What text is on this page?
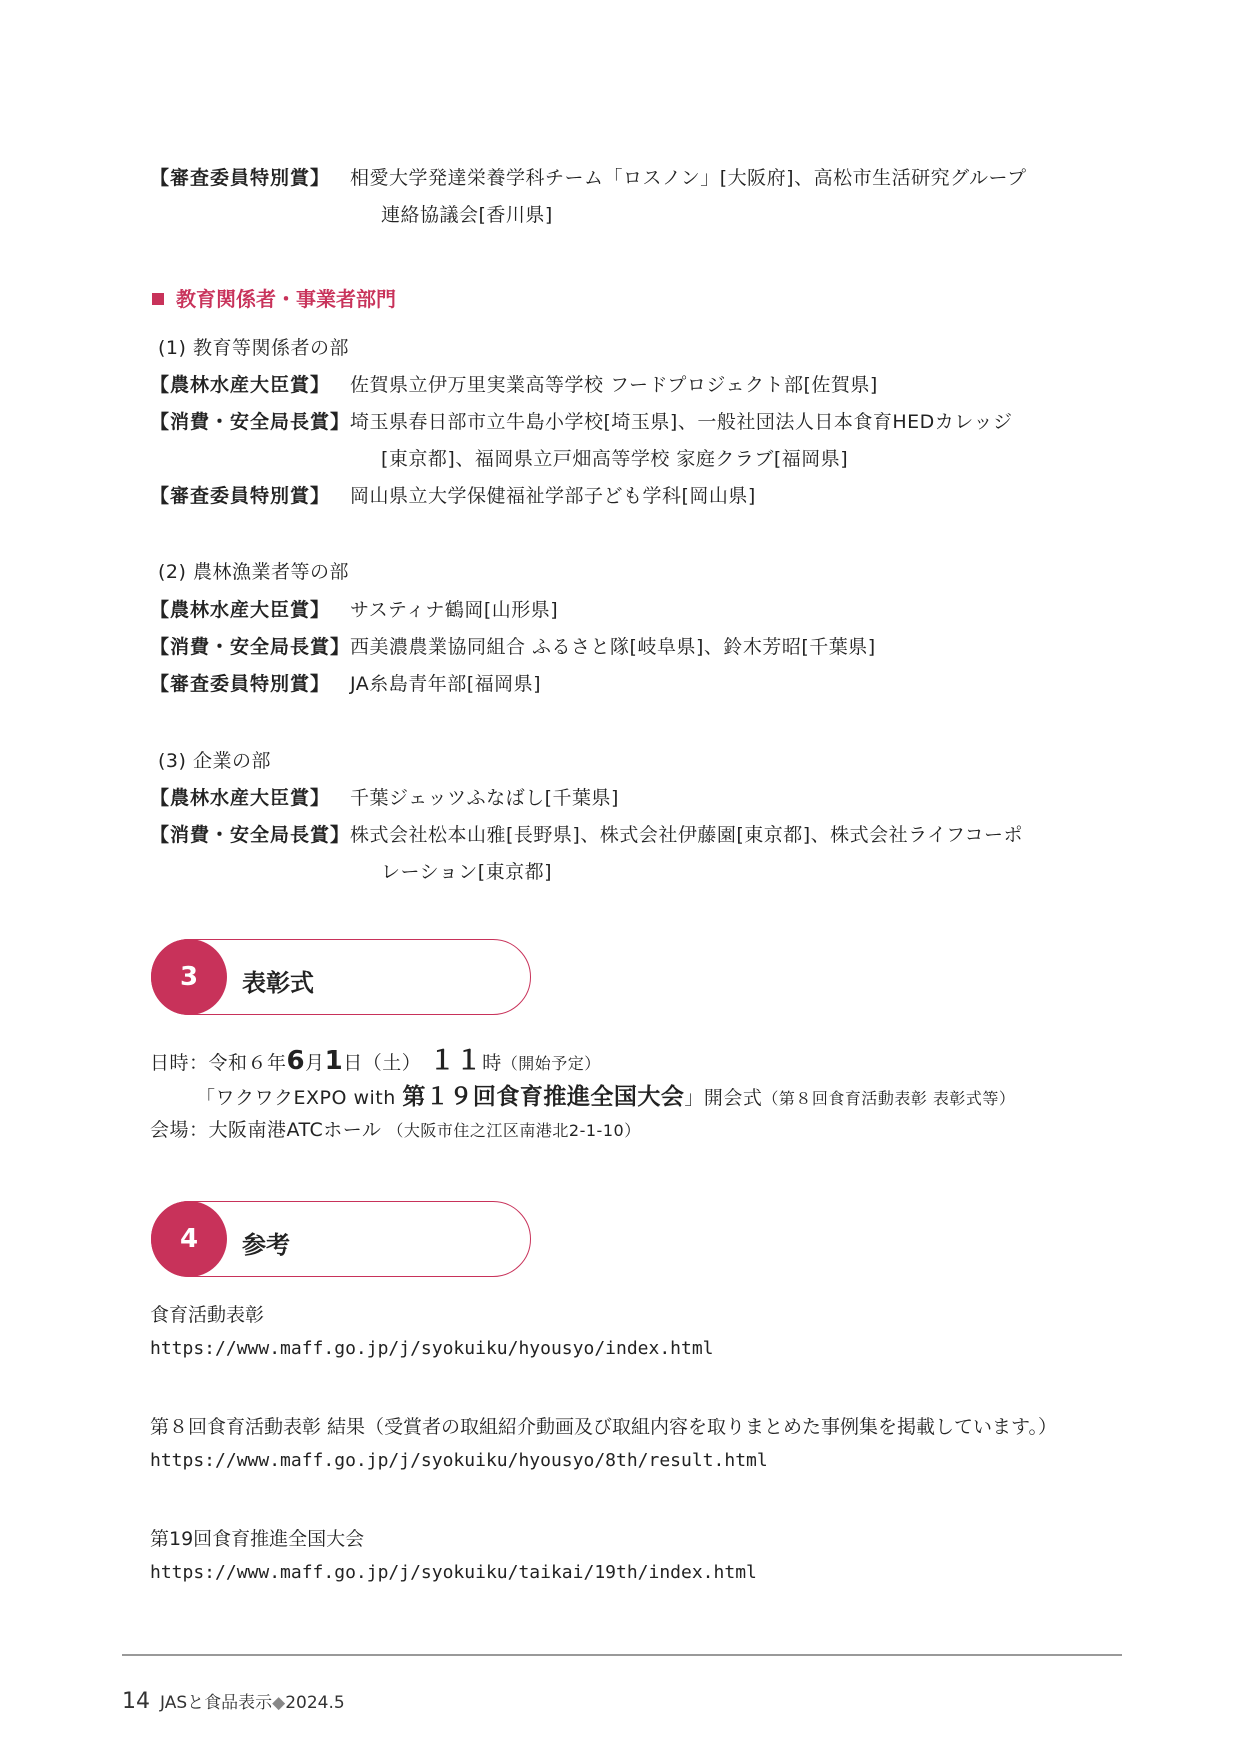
【審査委員特別賞】 相愛大学発達栄養学科チーム「ロスノン」[大阪府]、高松市生活研究グループ
連絡協議会[香川県]
教育関係者・事業者部門
(1) 教育等関係者の部
【農林水産大臣賞】 佐賀県立伊万里実業高等学校 フードプロジェクト部[佐賀県]
【消費・安全局長賞】埼玉県春日部市立牛島小学校[埼玉県]、一般社団法人日本食育HEDカレッジ
[東京都]、福岡県立戸畑高等学校 家庭クラブ[福岡県]
【審査委員特別賞】 岡山県立大学保健福祉学部子ども学科[岡山県]
(2) 農林漁業者等の部
【農林水産大臣賞】 サスティナ鶴岡[山形県]
【消費・安全局長賞】西美濃農業協同組合 ふるさと隊[岐阜県]、鈴木芳昭[千葉県]
【審査委員特別賞】 JA糸島青年部[福岡県]
(3) 企業の部
【農林水産大臣賞】 千葉ジェッツふなばし[千葉県]
【消費・安全局長賞】株式会社松本山雅[長野県]、株式会社伊藤園[東京都]、株式会社ライフコーポ
レーション[東京都]
3	表彰式
日時：令和６年6月1日（土） １１時（開始予定）
「ワクワクEXPO with 第１９回食育推進全国大会」開会式（第８回食育活動表彰 表彰式等）
会場：大阪南港ATCホール （大阪市住之江区南港北2-1-10）
4	参考
食育活動表彰
https://www.maff.go.jp/j/syokuiku/hyousyo/index.html
第８回食育活動表彰 結果（受賞者の取組紹介動画及び取組内容を取りまとめた事例集を掲載しています。）
https://www.maff.go.jp/j/syokuiku/hyousyo/8th/result.html
第19回食育推進全国大会
https://www.maff.go.jp/j/syokuiku/taikai/19th/index.html
14 JASと食品表示◆2024.5
